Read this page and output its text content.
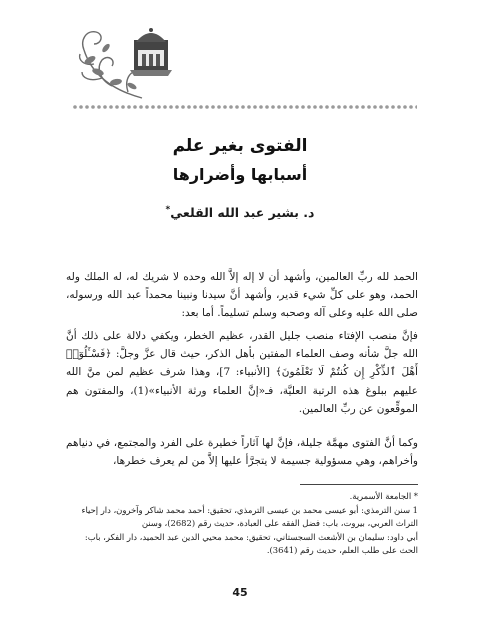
الفتوى بغير علم
أسبابها وأضرارها
د. بشير عبد الله القلعي*

الحمد لله ربِّ العالمين، وأشهد أن لا إله إلاَّ الله وحده لا شريك له، له الملك وله الحمد، وهو على كلِّ شيء قدير، وأشهد أنَّ سيدنا ونبينا محمداً عبد الله ورسوله، صلى الله عليه وعلى آله وصحبه وسلم تسليماً. أما بعد:

فإنَّ منصب الإفتاء منصب جليل القدر، عظيم الخطر، ويكفي دلالة على ذلك أنَّ الله جلَّ شأنه وصف العلماء المفتين بأهل الذكر، حيث قال عزَّ وجلَّ: ﴿فَسْـَٔلُوٓا۟ أَهْلَ ٱلذِّكْرِ إِن كُنتُمْ لَا تَعْلَمُونَ﴾ [الأنبياء: 7]، وهذا شرف عظيم لمن منَّ الله عليهم ببلوغ هذه الرتبة العليَّة، فـ«إنَّ العلماء ورثة الأنبياء»(1)، والمفتون هم الموقِّعون عن ربِّ العالمين.

وكما أنَّ الفتوى مهمَّة جليلة، فإنَّ لها آثاراً خطيرة على الفرد والمجتمع، في دنياهم وأخراهم، وهي مسؤولية جسيمة لا يتجرَّأ عليها إلاَّ من لم يعرف خطرها،

* الجامعة الأسمرية.
1 سنن الترمذي: أبو عيسى محمد بن عيسى الترمذي، تحقيق: أحمد محمد شاكر وآخرون، دار إحياء التراث العربي، بيروت، باب: فضل الفقه على العبادة، حديث رقم (2682)، وسنن
أبي داود: سليمان بن الأشعث السجستاني، تحقيق: محمد محيي الدين عبد الحميد، دار الفكر، باب: الحث على طلب العلم، حديث رقم (3641).
45
